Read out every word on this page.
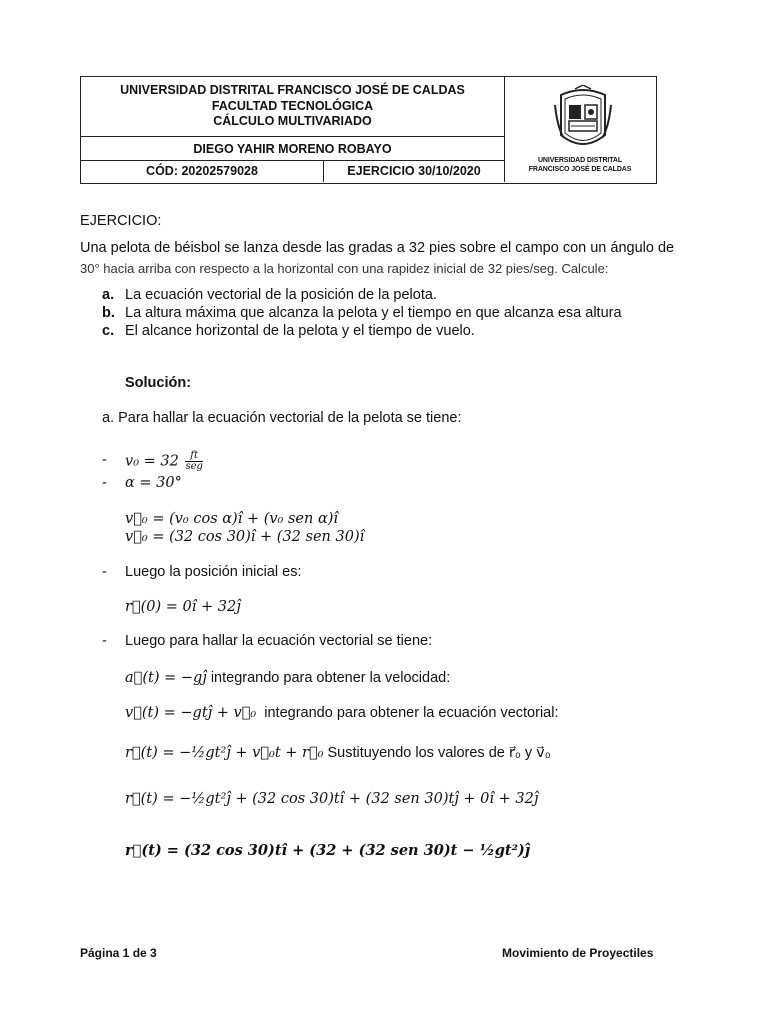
UNIVERSIDAD DISTRITAL FRANCISCO JOSÉ DE CALDAS
FACULTAD TECNOLÓGICA
CÁLCULO MULTIVARIADO
DIEGO YAHIR MORENO ROBAYO
CÓD: 20202579028	EJERCICIO 30/10/2020
UNIVERSIDAD DISTRITAL
FRANCISCO JOSÉ DE CALDAS
EJERCICIO:
Una pelota de béisbol se lanza desde las gradas a 32 pies sobre el campo con un ángulo de
30° hacia arriba con respecto a la horizontal con una rapidez inicial de 32 pies/seg. Calcule:
a. La ecuación vectorial de la posición de la pelota.
b. La altura máxima que alcanza la pelota y el tiempo en que alcanza esa altura
c. El alcance horizontal de la pelota y el tiempo de vuelo.
Solución:
a. Para hallar la ecuación vectorial de la pelota se tiene:
- v₀ = 32	ft
seg
- α = 30°
v⃗₀ = (v₀ cos α)î + (v₀ sen α)î
v⃗₀ = (32 cos 30)î + (32 sen 30)î
- Luego la posición inicial es:
r⃗(0) = 0î + 32ĵ
- Luego para hallar la ecuación vectorial se tiene:
a⃗(t) = −gĵ integrando para obtener la velocidad:
v⃗(t) = −gtĵ + v⃗₀ integrando para obtener la ecuación vectorial:
r⃗(t) = −½gt²ĵ + v⃗₀t + r⃗₀ Sustituyendo los valores de r⃗₀ y v⃗₀
r⃗(t) = −½gt²ĵ + (32 cos 30)tî + (32 sen 30)tĵ + 0î + 32ĵ
r⃗(t) = (32 cos 30)tî + (32 + (32 sen 30)t − ½gt²)ĵ
Página 1 de 3	Movimiento de Proyectiles
